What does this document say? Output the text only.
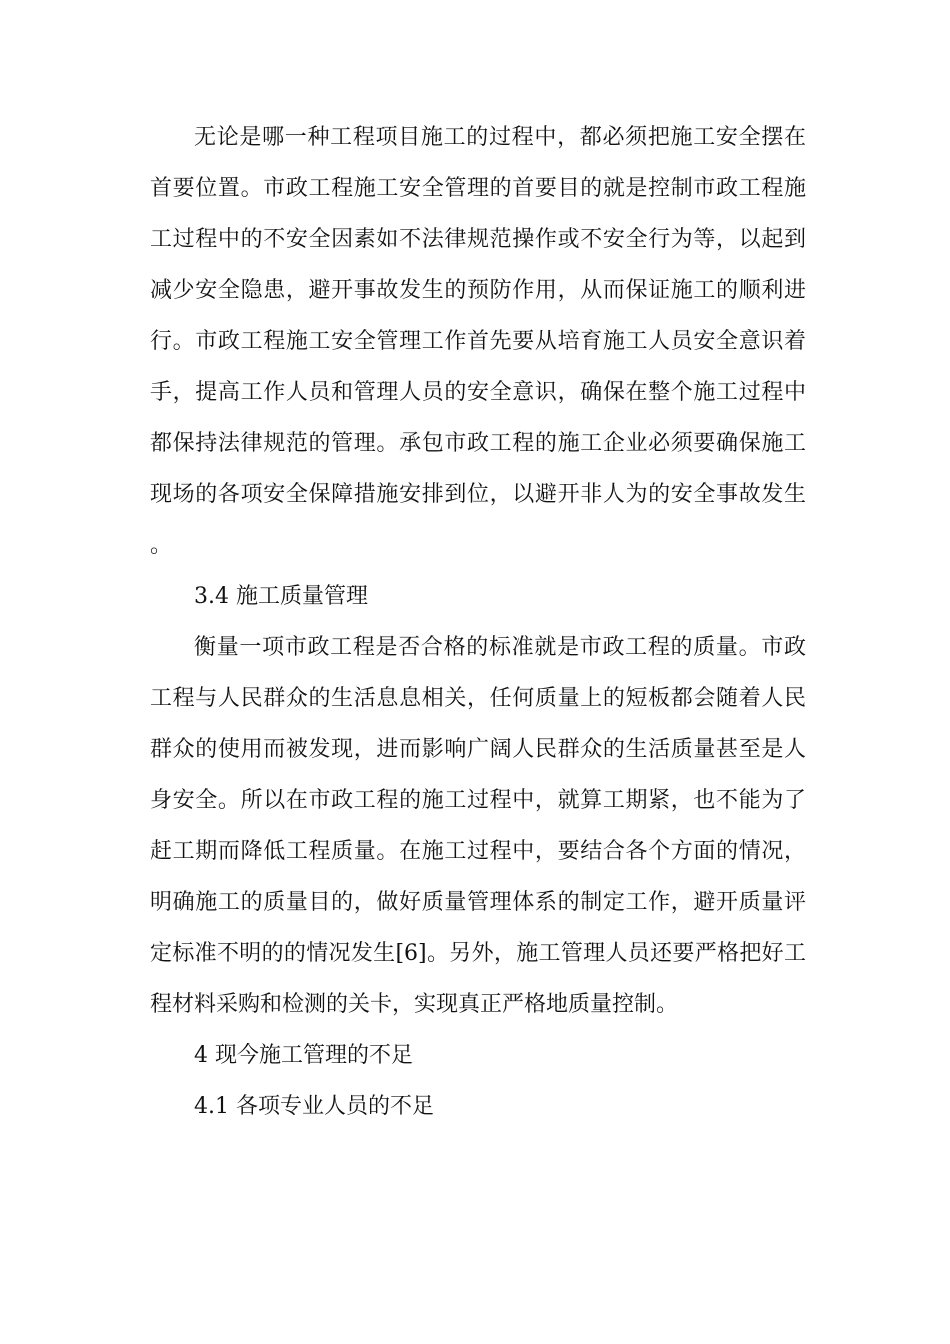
无论是哪一种工程项目施工的过程中，都必须把施工安全摆在首要位置。市政工程施工安全管理的首要目的就是控制市政工程施工过程中的不安全因素如不法律规范操作或不安全行为等，以起到减少安全隐患，避开事故发生的预防作用，从而保证施工的顺利进行。市政工程施工安全管理工作首先要从培育施工人员安全意识着手，提高工作人员和管理人员的安全意识，确保在整个施工过程中都保持法律规范的管理。承包市政工程的施工企业必须要确保施工现场的各项安全保障措施安排到位，以避开非人为的安全事故发生。

3.4 施工质量管理

衡量一项市政工程是否合格的标准就是市政工程的质量。市政工程与人民群众的生活息息相关，任何质量上的短板都会随着人民群众的使用而被发现，进而影响广阔人民群众的生活质量甚至是人身安全。所以在市政工程的施工过程中，就算工期紧，也不能为了赶工期而降低工程质量。在施工过程中，要结合各个方面的情况，明确施工的质量目的，做好质量管理体系的制定工作，避开质量评定标准不明的的情况发生[6]。另外，施工管理人员还要严格把好工程材料采购和检测的关卡，实现真正严格地质量控制。

4 现今施工管理的不足

4.1 各项专业人员的不足
